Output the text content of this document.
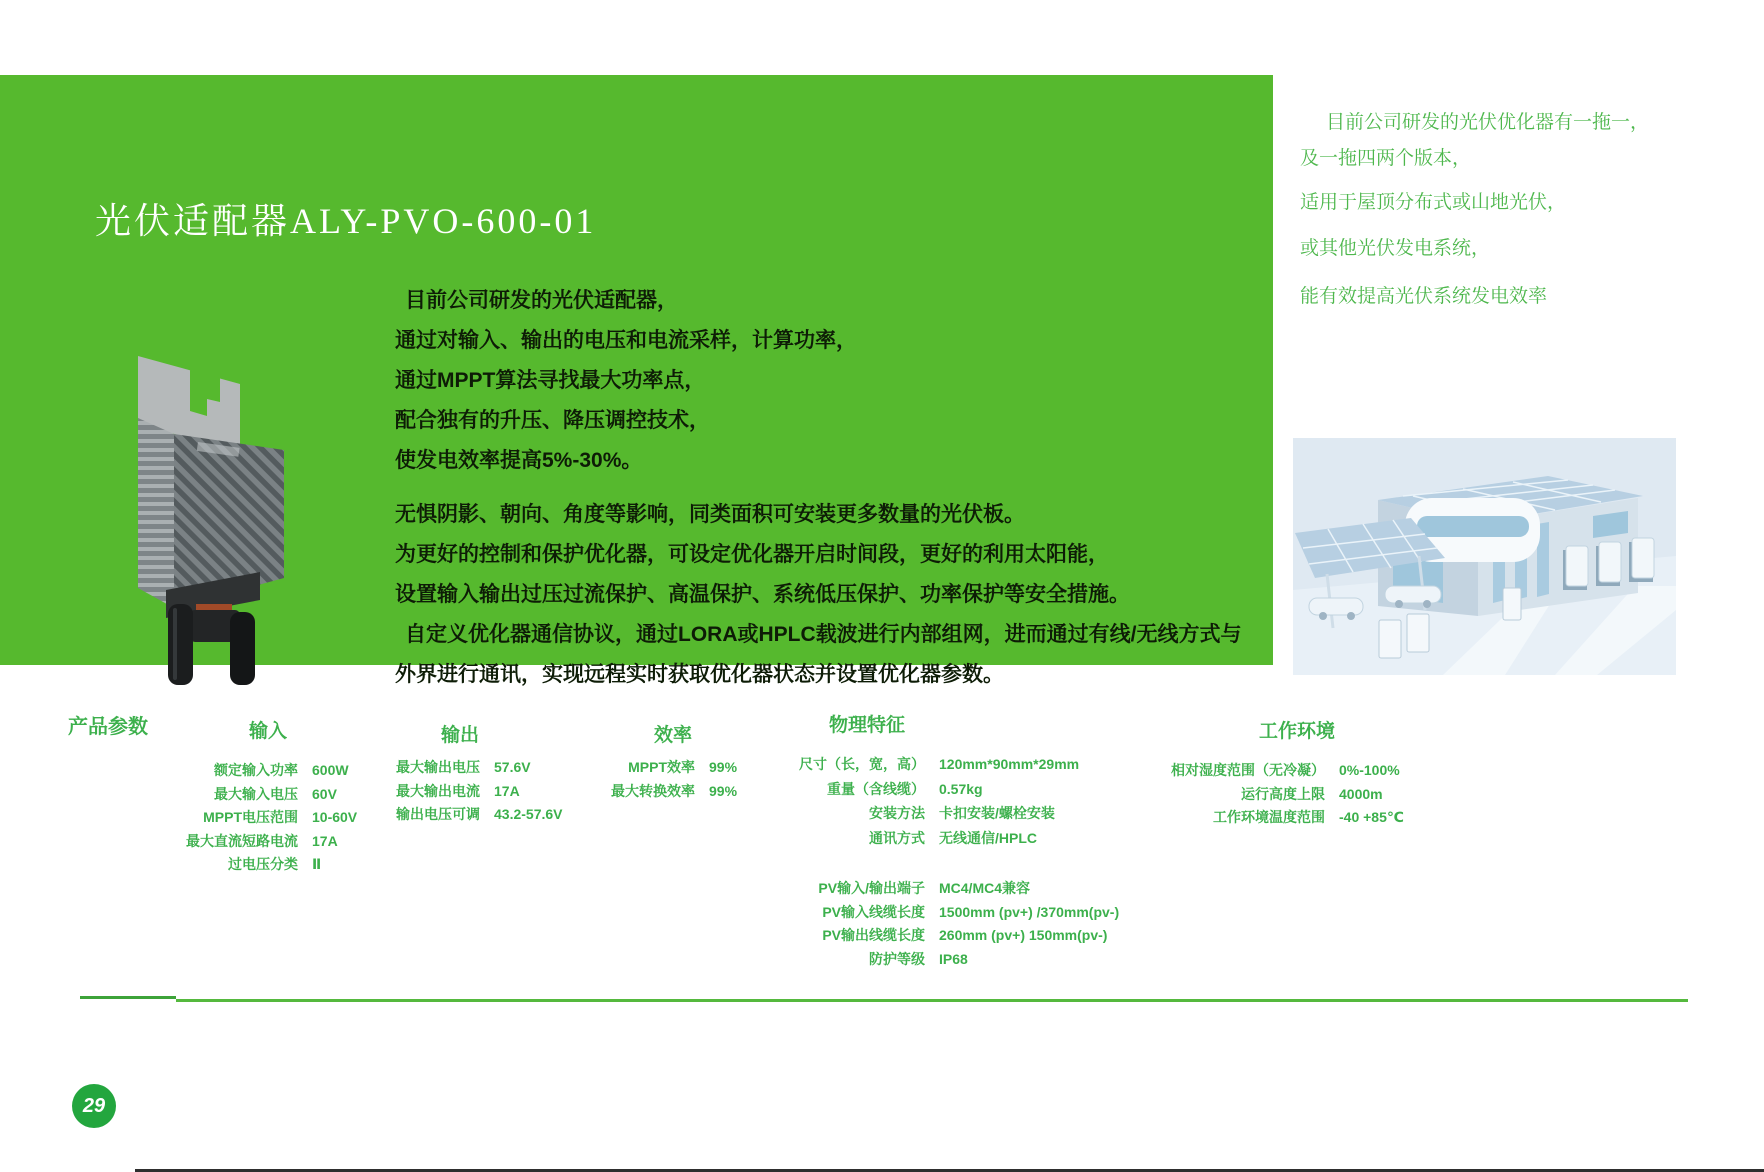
光伏适配器ALY-PVO-600-01
目前公司研发的光伏适配器，
通过对输入、输出的电压和电流采样，计算功率，
通过MPPT算法寻找最大功率点，
配合独有的升压、降压调控技术，
使发电效率提高5%-30%。
无惧阴影、朝向、角度等影响，同类面积可安装更多数量的光伏板。
为更好的控制和保护优化器，可设定优化器开启时间段，更好的利用太阳能，
设置输入输出过压过流保护、高温保护、系统低压保护、功率保护等安全措施。
自定义优化器通信协议，通过LORA或HPLC载波进行内部组网，进而通过有线/无线方式与
外界进行通讯，实现远程实时获取优化器状态并设置优化器参数。
目前公司研发的光伏优化器有一拖一，
及一拖四两个版本，
适用于屋顶分布式或山地光伏，
或其他光伏发电系统，
能有效提高光伏系统发电效率
产品参数	输入	输出	效率	物理特征	工作环境
额定输入功率 600W
最大输入电压 60V
MPPT电压范围 10-60V
最大直流短路电流 17A
过电压分类 Ⅱ
最大输出电压 57.6V
最大输出电流 17A
输出电压可调 43.2-57.6V
MPPT效率 99%
最大转换效率 99%
尺寸（长，宽，高） 120mm*90mm*29mm
重量（含线缆） 0.57kg
安装方法 卡扣安装/螺栓安装
通讯方式 无线通信/HPLC
PV输入/输出端子 MC4/MC4兼容
PV输入线缆长度 1500mm (pv+) /370mm(pv-)
PV输出线缆长度 260mm (pv+) 150mm(pv-)
防护等级 IP68
相对湿度范围（无冷凝） 0%-100%
运行高度上限 4000m
工作环境温度范围 -40 +85℃
29
